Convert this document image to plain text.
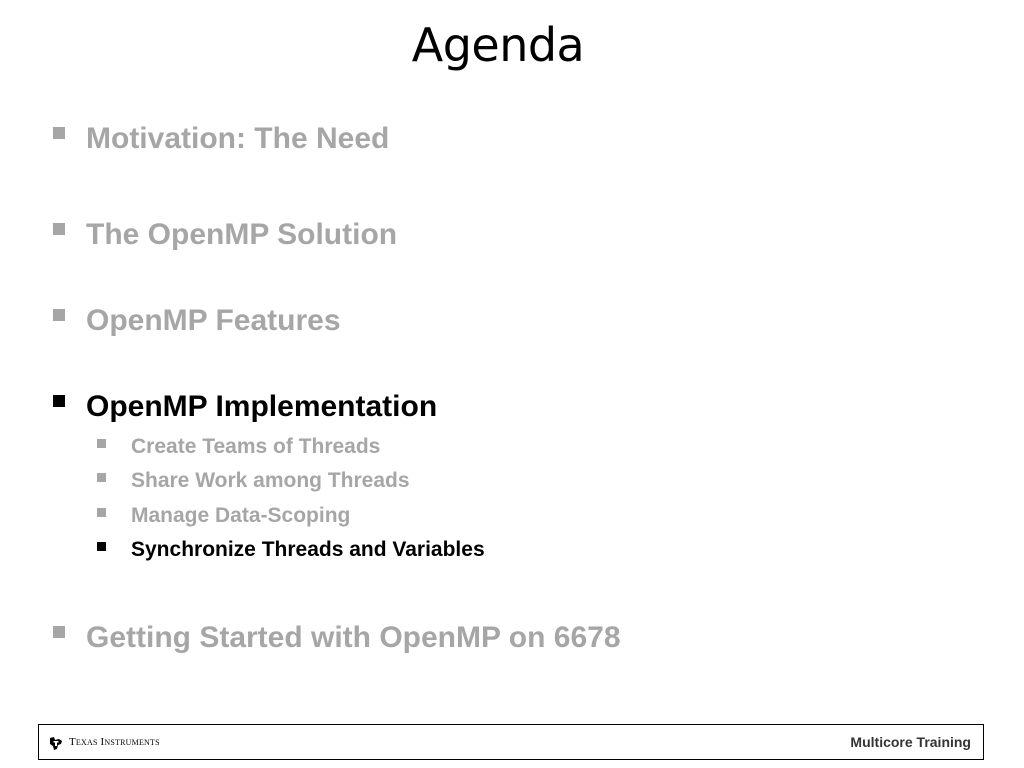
Agenda
Motivation: The Need
The OpenMP Solution
OpenMP Features
OpenMP Implementation
Create Teams of Threads
Share Work among Threads
Manage Data-Scoping
Synchronize Threads and Variables
Getting Started with OpenMP on 6678
Texas Instruments	Multicore Training
